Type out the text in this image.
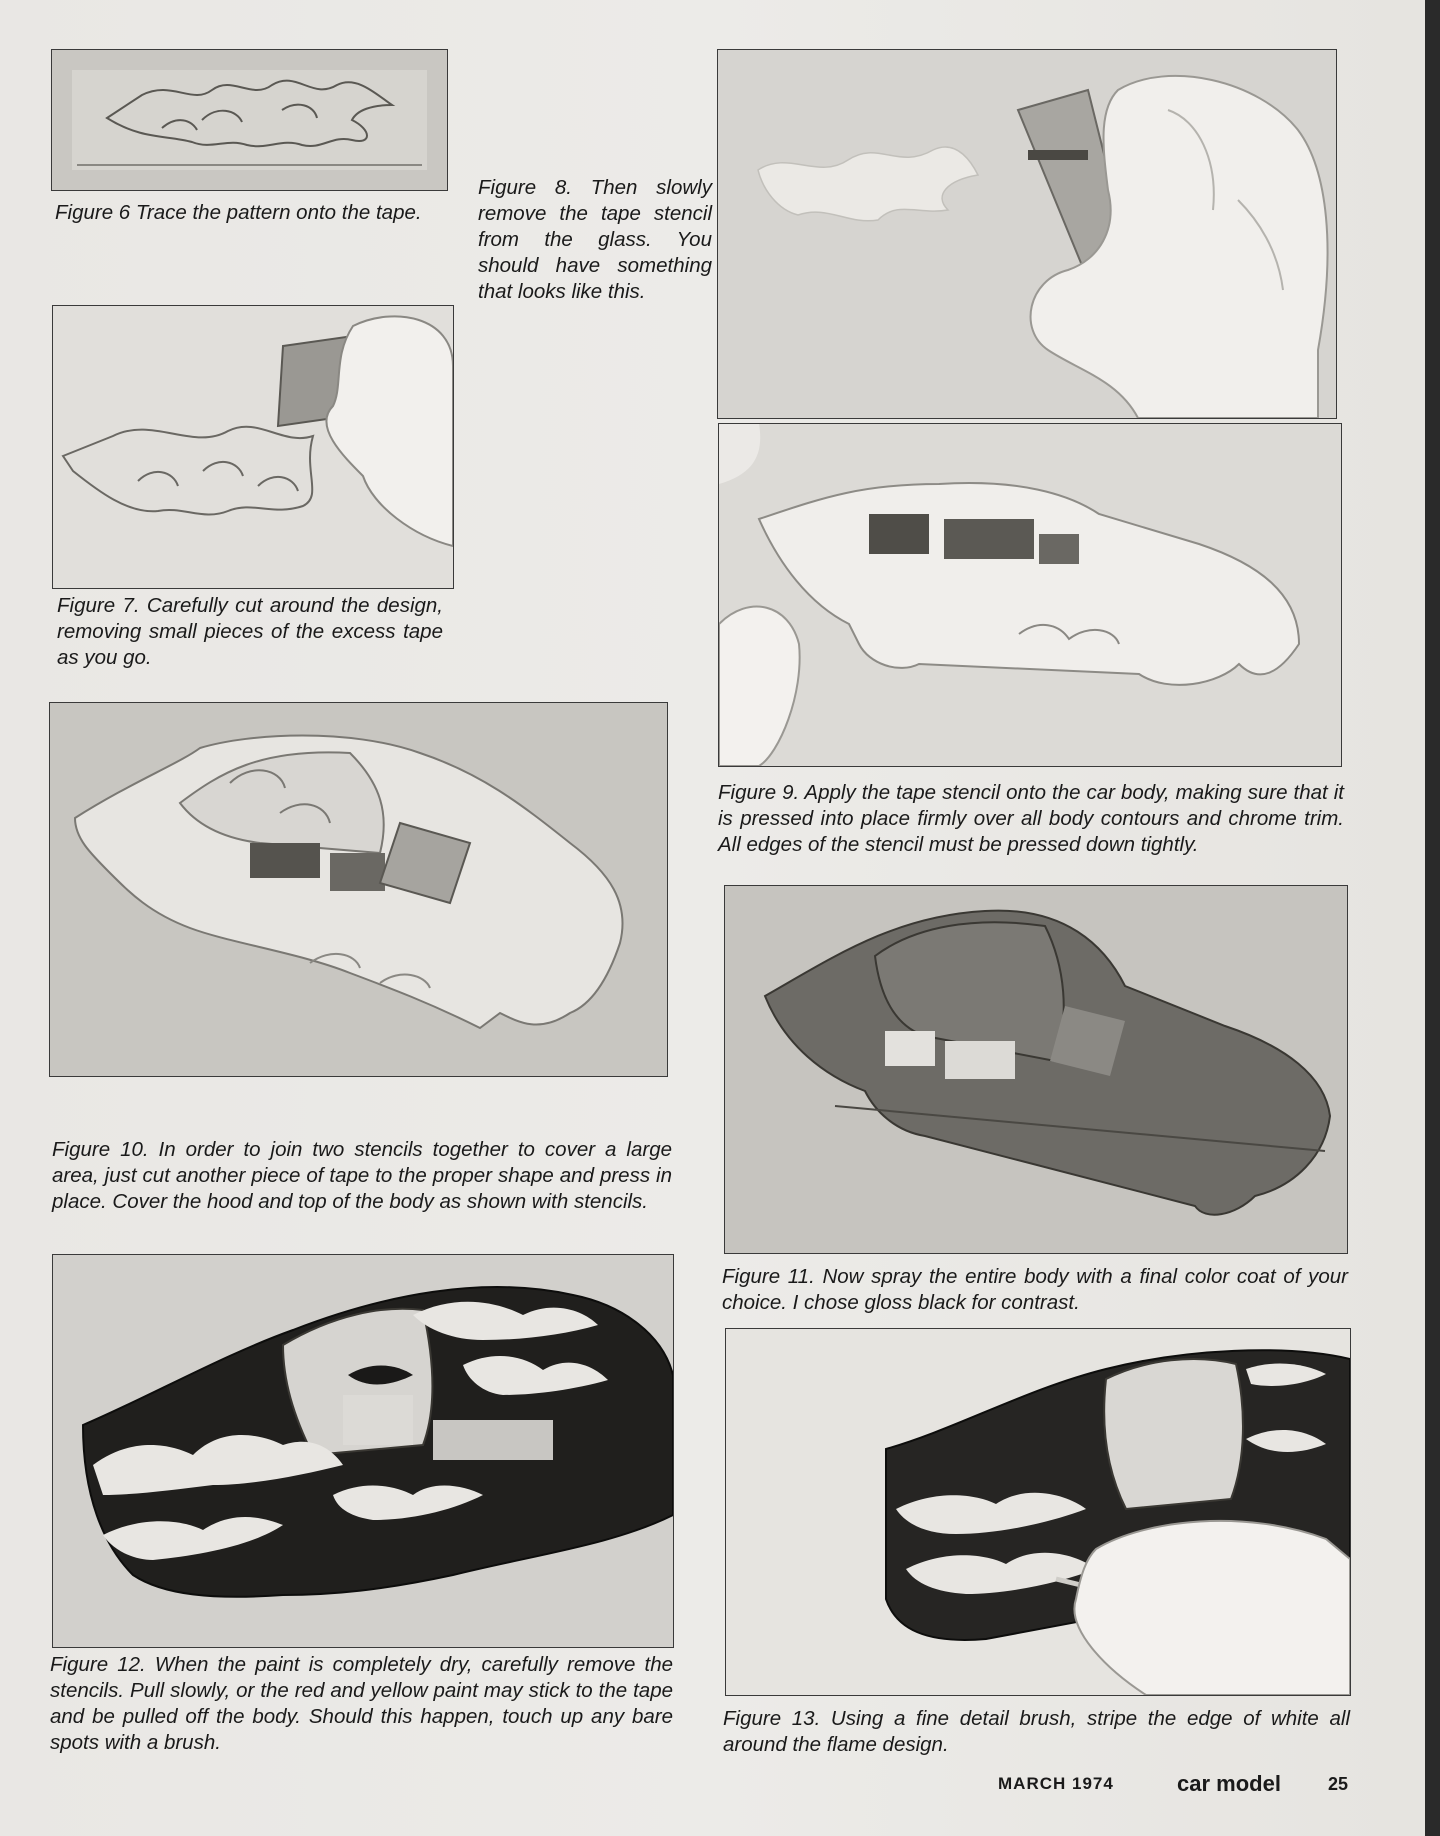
Figure 6 Trace the pattern onto the tape.

Figure 8. Then slowly remove the tape stencil from the glass. You should have something that looks like this.

Figure 7. Carefully cut around the design, removing small pieces of the excess tape as you go.

Figure 9. Apply the tape stencil onto the car body, making sure that it is pressed into place firmly over all body contours and chrome trim. All edges of the stencil must be pressed down tightly.

Figure 10. In order to join two stencils together to cover a large area, just cut another piece of tape to the proper shape and press in place. Cover the hood and top of the body as shown with stencils.

Figure 11. Now spray the entire body with a final color coat of your choice. I chose gloss black for contrast.

Figure 12. When the paint is completely dry, carefully remove the stencils. Pull slowly, or the red and yellow paint may stick to the tape and be pulled off the body. Should this happen, touch up any bare spots with a brush.

Figure 13. Using a fine detail brush, stripe the edge of white all around the flame design.

MARCH 1974	car model	25
